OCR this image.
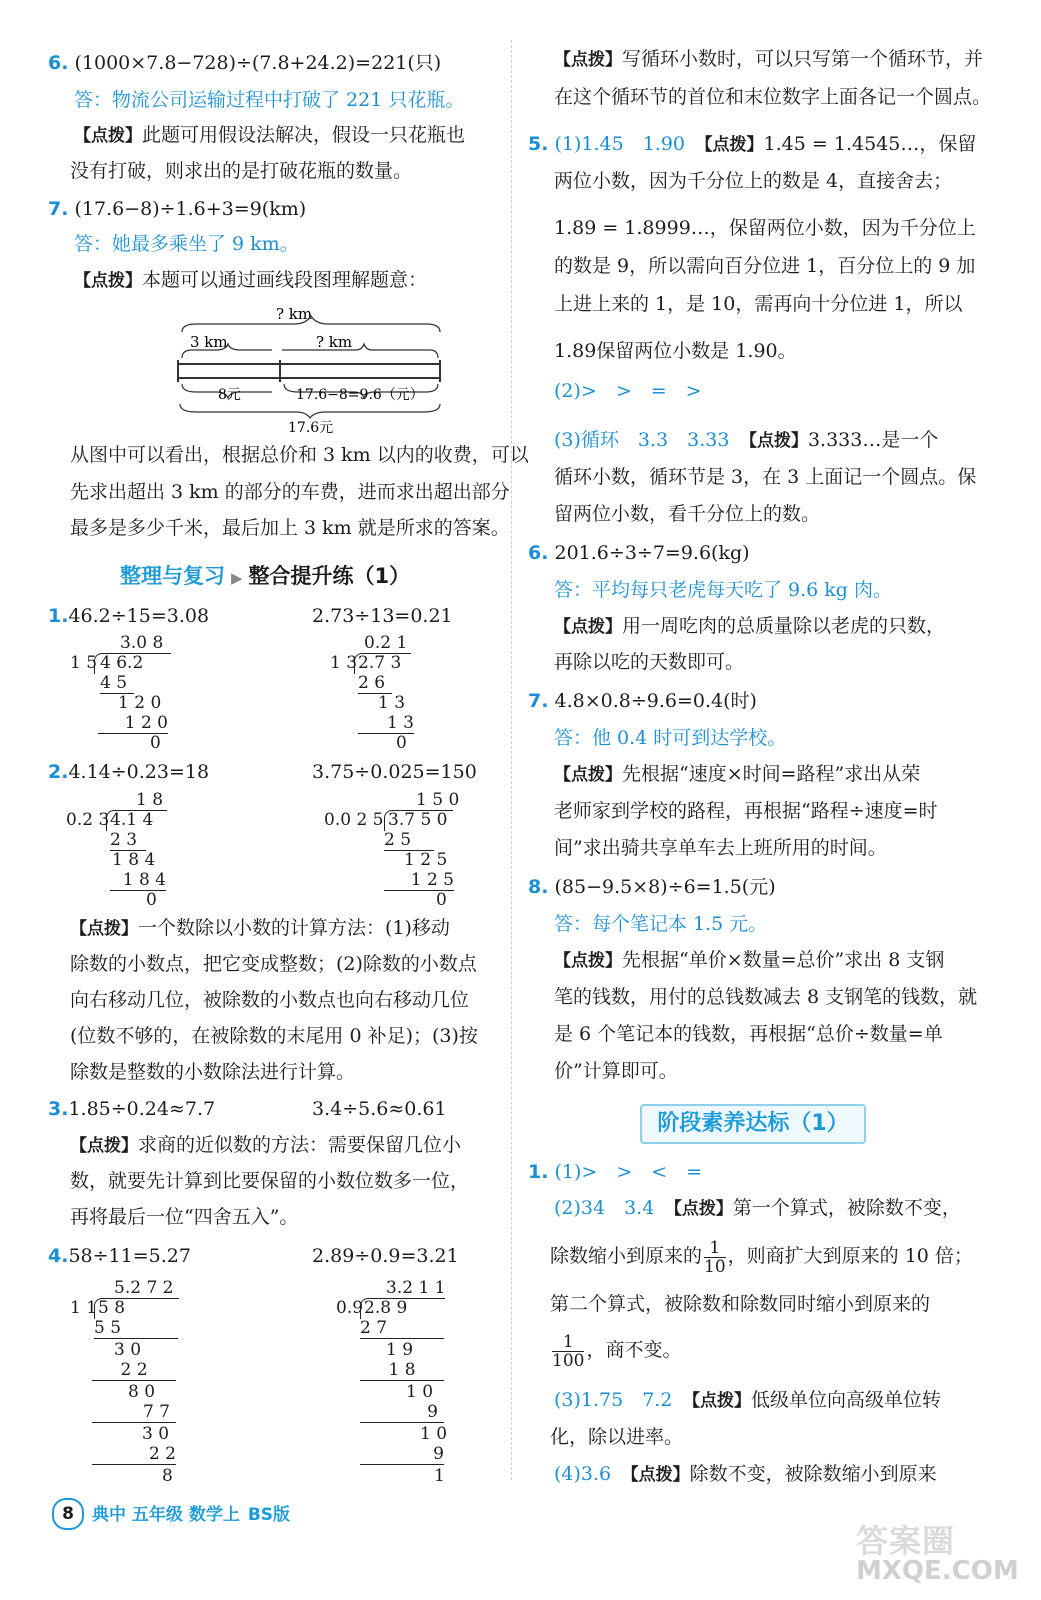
6. (1000×7.8−728)÷(7.8+24.2)=221(只)
答：物流公司运输过程中打破了 221 只花瓶。
【点拨】此题可用假设法解决，假设一只花瓶也
没有打破，则求出的是打破花瓶的数量。
7. (17.6−8)÷1.6+3=9(km)
答：她最多乘坐了 9 km。
【点拨】本题可以通过画线段图理解题意：
? km
3 km	? km
8元	17.6−8=9.6（元）
17.6元
从图中可以看出，根据总价和 3 km 以内的收费，可以
先求出超出 3 km 的部分的车费，进而求出超出部分
最多是多少千米，最后加上 3 km 就是所求的答案。
整理与复习 ▶ 整合提升练（1）
1.46.2÷15=3.08	2.73÷13=0.21
3.0 8
1 5 4 6.2
4 5
1 2 0
1 2 0
0
0.2 1
1 3 2.7 3
2 6
1 3
1 3
0
2.4.14÷0.23=18	3.75÷0.025=150
1 8
0.2 3 4.1 4
2 3
1 8 4
1 8 4
0
1 5 0
0.0 2 5 3.7 5 0
2 5
1 2 5
1 2 5
0
【点拨】一个数除以小数的计算方法：(1)移动
除数的小数点，把它变成整数；(2)除数的小数点
向右移动几位，被除数的小数点也向右移动几位
(位数不够的，在被除数的末尾用 0 补足)；(3)按
除数是整数的小数除法进行计算。
3.1.85÷0.24≈7.7	3.4÷5.6≈0.61
【点拨】求商的近似数的方法：需要保留几位小
数，就要先计算到比要保留的小数位数多一位，
再将最后一位“四舍五入”。
4.58÷11=5.27	2.89÷0.9=3.21
5.2 7 2
1 1 5 8
5 5
3 0
2 2
8 0
7 7
3 0
2 2
8
3.2 1 1
0.9 2.8 9
2 7
1 9
1 8
1 0
9
1 0
9
1
【点拨】写循环小数时，可以只写第一个循环节，并
在这个循环节的首位和末位数字上面各记一个圆点。
5. (1)1.45　1.90　 【点拨】1.45 = 1.4545…，保留
两位小数，因为千分位上的数是 4，直接舍去；
1.89 = 1.8999…，保留两位小数，因为千分位上
的数是 9，所以需向百分位进 1，百分位上的 9 加
上进上来的 1，是 10，需再向十分位进 1，所以
1.89保留两位小数是 1.90。
(2)>　>　=　>
(3)循环　3.3　3.33　 【点拨】3.333…是一个
循环小数，循环节是 3，在 3 上面记一个圆点。保
留两位小数，看千分位上的数。
6. 201.6÷3÷7=9.6(kg)
答：平均每只老虎每天吃了 9.6 kg 肉。
【点拨】用一周吃肉的总质量除以老虎的只数，
再除以吃的天数即可。
7. 4.8×0.8÷9.6=0.4(时)
答：他 0.4 时可到达学校。
【点拨】先根据“速度×时间=路程”求出从荣
老师家到学校的路程，再根据“路程÷速度=时
间”求出骑共享单车去上班所用的时间。
8. (85−9.5×8)÷6=1.5(元)
答：每个笔记本 1.5 元。
【点拨】先根据“单价×数量=总价”求出 8 支钢
笔的钱数，用付的总钱数减去 8 支钢笔的钱数，就
是 6 个笔记本的钱数，再根据“总价÷数量=单
价”计算即可。
阶段素养达标（1）
1. (1)>　>　<　=
(2)34　3.4　 【点拨】第一个算式，被除数不变，
除数缩小到原来的 $\frac{1}{10}$ ，则商扩大到原来的 10 倍；
第二个算式，被除数和除数同时缩小到原来的
$\frac{1}{100}$ ，商不变。
(3)1.75　7.2　 【点拨】低级单位向高级单位转
化，除以进率。
(4)3.6　 【点拨】除数不变，被除数缩小到原来
8	典中 五年级 数学上 BS版
答案圈
MXQE.COM
